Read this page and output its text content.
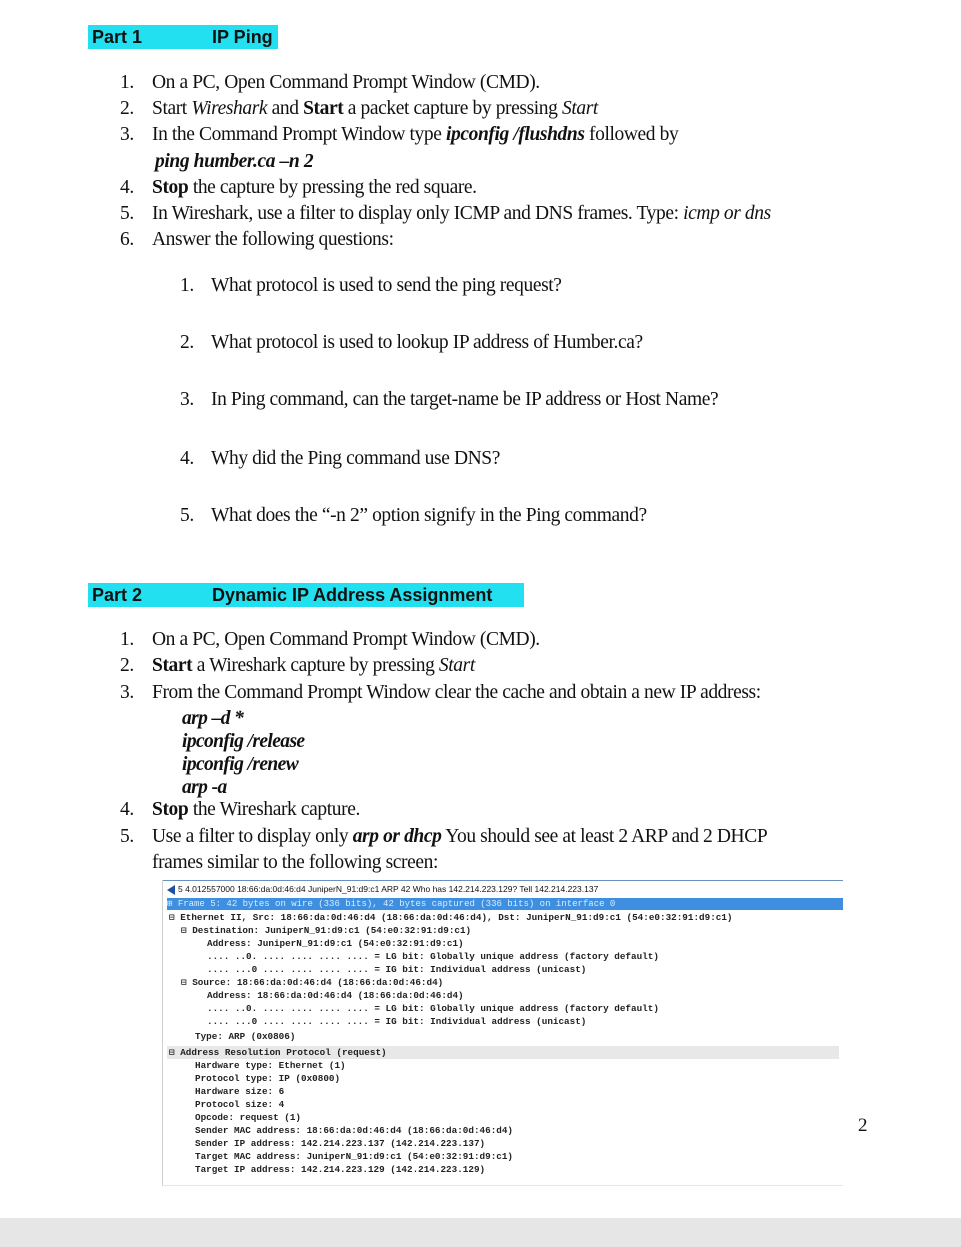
Part 1	IP Ping
1. On a PC, Open Command Prompt Window (CMD).
2. Start Wireshark and Start a packet capture by pressing Start
3. In the Command Prompt Window type ipconfig /flushdns followed by
ping humber.ca –n 2
4. Stop the capture by pressing the red square.
5. In Wireshark, use a filter to display only ICMP and DNS frames. Type: icmp or dns
6. Answer the following questions:
1. What protocol is used to send the ping request?
2. What protocol is used to lookup IP address of Humber.ca?
3. In Ping command, can the target-name be IP address or Host Name?
4. Why did the Ping command use DNS?
5. What does the “-n 2” option signify in the Ping command?
Part 2	Dynamic IP Address Assignment
1. On a PC, Open Command Prompt Window (CMD).
2. Start a Wireshark capture by pressing Start
3. From the Command Prompt Window clear the cache and obtain a new IP address:
arp –d *
ipconfig /release
ipconfig /renew
arp -a
4. Stop the Wireshark capture.
5. Use a filter to display only arp or dhcp You should see at least 2 ARP and 2 DHCP
frames similar to the following screen:
5 4.012557000 18:66:da:0d:46:d4 JuniperN_91:d9:c1 ARP 42 Who has 142.214.223.129? Tell 142.214.223.137
⊞ Frame 5: 42 bytes on wire (336 bits), 42 bytes captured (336 bits) on interface 0
⊟ Ethernet II, Src: 18:66:da:0d:46:d4 (18:66:da:0d:46:d4), Dst: JuniperN_91:d9:c1 (54:e0:32:91:d9:c1)
⊟ Destination: JuniperN_91:d9:c1 (54:e0:32:91:d9:c1)
Address: JuniperN_91:d9:c1 (54:e0:32:91:d9:c1)
.... ..0. .... .... .... .... = LG bit: Globally unique address (factory default)
.... ...0 .... .... .... .... = IG bit: Individual address (unicast)
⊟ Source: 18:66:da:0d:46:d4 (18:66:da:0d:46:d4)
Address: 18:66:da:0d:46:d4 (18:66:da:0d:46:d4)
.... ..0. .... .... .... .... = LG bit: Globally unique address (factory default)
.... ...0 .... .... .... .... = IG bit: Individual address (unicast)
Type: ARP (0x0806)
⊟ Address Resolution Protocol (request)
Hardware type: Ethernet (1)
Protocol type: IP (0x0800)
Hardware size: 6
Protocol size: 4
Opcode: request (1)
Sender MAC address: 18:66:da:0d:46:d4 (18:66:da:0d:46:d4)
Sender IP address: 142.214.223.137 (142.214.223.137)
Target MAC address: JuniperN_91:d9:c1 (54:e0:32:91:d9:c1)
Target IP address: 142.214.223.129 (142.214.223.129)
2
